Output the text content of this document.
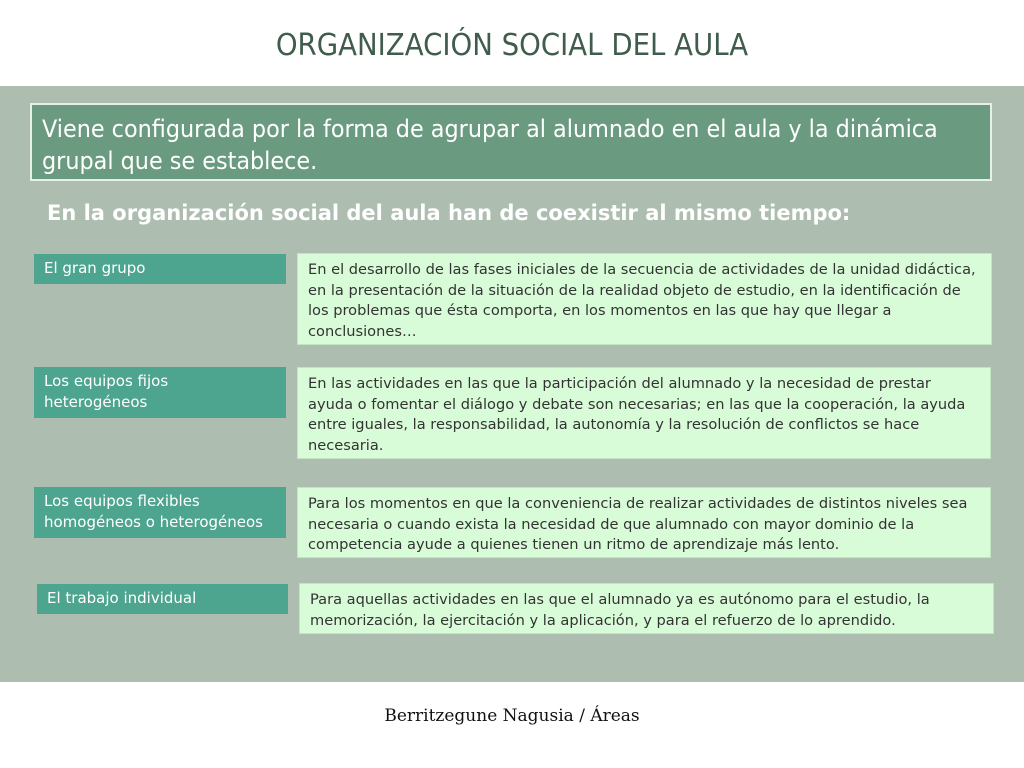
ORGANIZACIÓN SOCIAL DEL AULA
Viene configurada por la forma de agrupar al alumnado en el aula y la dinámica grupal que se establece.
En la organización social del aula han de coexistir al mismo tiempo:
El gran grupo	En el desarrollo de las fases iniciales de la secuencia de actividades de la unidad didáctica, en la presentación de la situación de la realidad objeto de estudio, en la identificación de los problemas que ésta comporta, en los momentos en las que hay que llegar a conclusiones…
Los equipos fijos heterogéneos
En las actividades en las que la participación del alumnado y la necesidad de prestar ayuda o fomentar el diálogo y debate son necesarias; en las que la cooperación, la ayuda entre iguales, la responsabilidad, la autonomía y la resolución de conflictos se hace necesaria.
Los equipos flexibles homogéneos o heterogéneos
Para los momentos en que la conveniencia de realizar actividades de distintos niveles sea necesaria o cuando exista la necesidad de que alumnado con mayor dominio de la competencia ayude a quienes tienen un ritmo de aprendizaje más lento.
El trabajo individual	Para aquellas actividades en las que el alumnado ya es autónomo para el estudio, la memorización, la ejercitación y la aplicación, y para el refuerzo de lo aprendido.
Berritzegune Nagusia / Áreas
